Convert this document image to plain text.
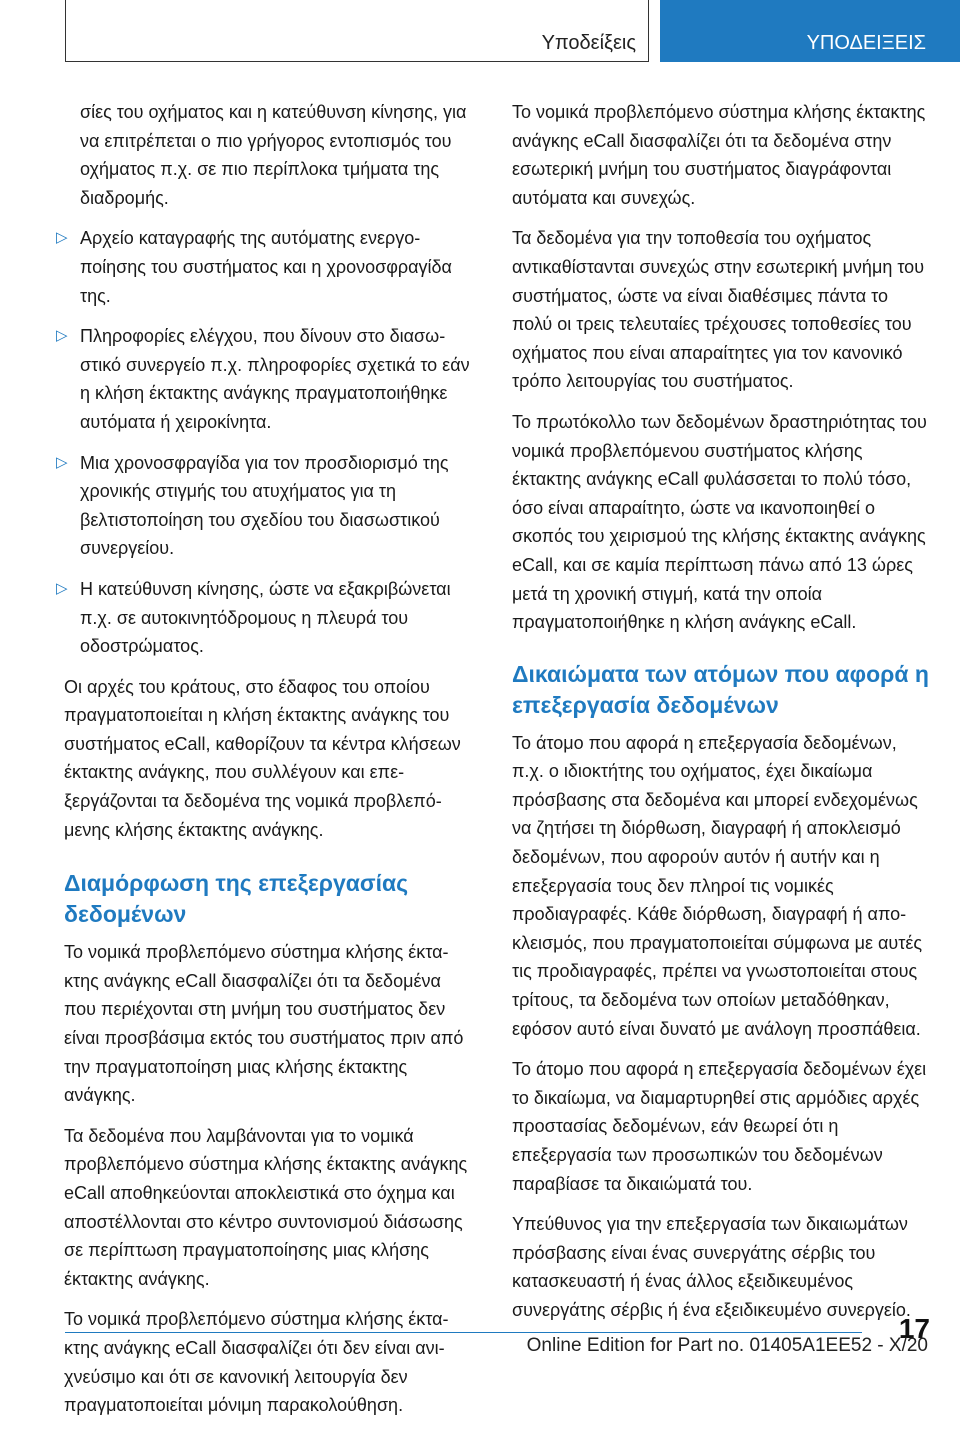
Υποδείξεις	ΥΠΟΔΕΙΞΕΙΣ

σίες του οχήματος και η κατεύθυνση κίνησης, για να επιτρέπεται ο πιο γρήγορος εντοπισμός του οχήματος π.χ. σε πιο περίπλοκα τμήματα της διαδρομής.

▷ Αρχείο καταγραφής της αυτόματης ενεργοποίησης του συστήματος και η χρονοσφραγίδα της.
▷ Πληροφορίες ελέγχου, που δίνουν στο διασωστικό συνεργείο π.χ. πληροφορίες σχετικά το εάν η κλήση έκτακτης ανάγκης πραγματοποιήθηκε αυτόματα ή χειροκίνητα.
▷ Μια χρονοσφραγίδα για τον προσδιορισμό της χρονικής στιγμής του ατυχήματος για τη βελτιστοποίηση του σχεδίου του διασωστικού συνεργείου.
▷ Η κατεύθυνση κίνησης, ώστε να εξακριβώνεται π.χ. σε αυτοκινητόδρομους η πλευρά του οδοστρώματος.

Οι αρχές του κράτους, στο έδαφος του οποίου πραγματοποιείται η κλήση έκτακτης ανάγκης του συστήματος eCall, καθορίζουν τα κέντρα κλήσεων έκτακτης ανάγκης, που συλλέγουν και επεξεργάζονται τα δεδομένα της νομικά προβλεπόμενης κλήσης έκτακτης ανάγκης.

Διαμόρφωση της επεξεργασίας δεδομένων

Το νομικά προβλεπόμενο σύστημα κλήσης έκτακτης ανάγκης eCall διασφαλίζει ότι τα δεδομένα που περιέχονται στη μνήμη του συστήματος δεν είναι προσβάσιμα εκτός του συστήματος πριν από την πραγματοποίηση μιας κλήσης έκτακτης ανάγκης.

Τα δεδομένα που λαμβάνονται για το νομικά προβλεπόμενο σύστημα κλήσης έκτακτης ανάγκης eCall αποθηκεύονται αποκλειστικά στο όχημα και αποστέλλονται στο κέντρο συντονισμού διάσωσης σε περίπτωση πραγματοποίησης μιας κλήσης έκτακτης ανάγκης.

Το νομικά προβλεπόμενο σύστημα κλήσης έκτακτης ανάγκης eCall διασφαλίζει ότι δεν είναι ανιχνεύσιμο και ότι σε κανονική λειτουργία δεν πραγματοποιείται μόνιμη παρακολούθηση.

Το νομικά προβλεπόμενο σύστημα κλήσης έκτακτης ανάγκης eCall διασφαλίζει ότι τα δεδομένα στην εσωτερική μνήμη του συστήματος διαγράφονται αυτόματα και συνεχώς.

Τα δεδομένα για την τοποθεσία του οχήματος αντικαθίστανται συνεχώς στην εσωτερική μνήμη του συστήματος, ώστε να είναι διαθέσιμες πάντα το πολύ οι τρεις τελευταίες τρέχουσες τοποθεσίες του οχήματος που είναι απαραίτητες για τον κανονικό τρόπο λειτουργίας του συστήματος.

Το πρωτόκολλο των δεδομένων δραστηριότητας του νομικά προβλεπόμενου συστήματος κλήσης έκτακτης ανάγκης eCall φυλάσσεται το πολύ τόσο, όσο είναι απαραίτητο, ώστε να ικανοποιηθεί ο σκοπός του χειρισμού της κλήσης έκτακτης ανάγκης eCall, και σε καμία περίπτωση πάνω από 13 ώρες μετά τη χρονική στιγμή, κατά την οποία πραγματοποιήθηκε η κλήση ανάγκης eCall.

Δικαιώματα των ατόμων που αφορά η επεξεργασία δεδομένων

Το άτομο που αφορά η επεξεργασία δεδομένων, π.χ. ο ιδιοκτήτης του οχήματος, έχει δικαίωμα πρόσβασης στα δεδομένα και μπορεί ενδεχομένως να ζητήσει τη διόρθωση, διαγραφή ή αποκλεισμό δεδομένων, που αφορούν αυτόν ή αυτήν και η επεξεργασία τους δεν πληροί τις νομικές προδιαγραφές. Κάθε διόρθωση, διαγραφή ή αποκλεισμός, που πραγματοποιείται σύμφωνα με αυτές τις προδιαγραφές, πρέπει να γνωστοποιείται στους τρίτους, τα δεδομένα των οποίων μεταδόθηκαν, εφόσον αυτό είναι δυνατό με ανάλογη προσπάθεια.

Το άτομο που αφορά η επεξεργασία δεδομένων έχει το δικαίωμα, να διαμαρτυρηθεί στις αρμόδιες αρχές προστασίας δεδομένων, εάν θεωρεί ότι η επεξεργασία των προσωπικών του δεδομένων παραβίασε τα δικαιώματά του.

Υπεύθυνος για την επεξεργασία των δικαιωμάτων πρόσβασης είναι ένας συνεργάτης σέρβις του κατασκευαστή ή ένας άλλος εξειδικευμένος συνεργάτης σέρβις ή ένα εξειδικευμένο συνεργείο.

17
Online Edition for Part no. 01405A1EE52 - X/20
